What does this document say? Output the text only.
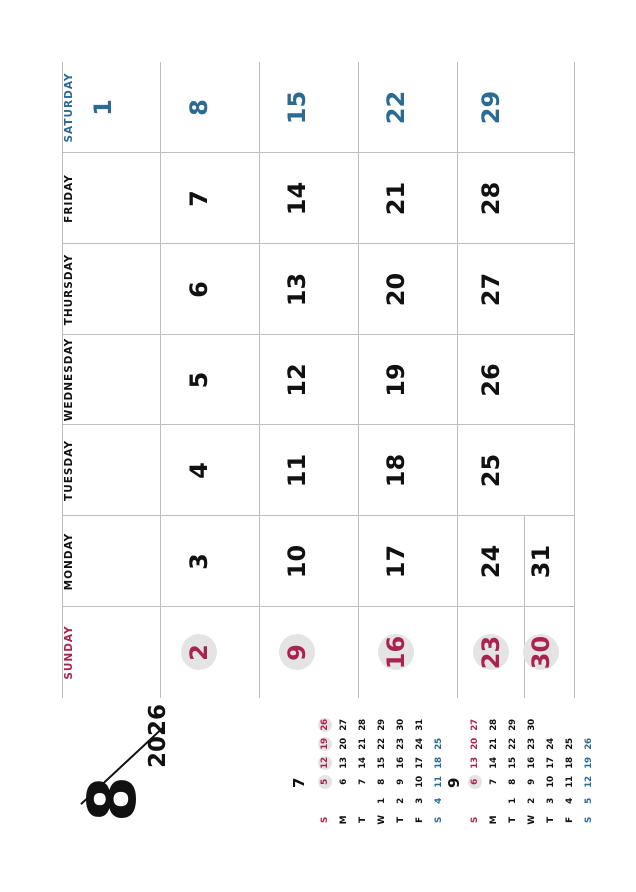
SUNDAY
MONDAY
TUESDAY
WEDNESDAY
THURSDAY
FRIDAY
SATURDAY 1
2
3
4
5
6
7
8
9
10
11
12
13
14
15
16
17
18
19
20
21
22
23
24
25
26
27
28
29
30
31
8
2026
7
S M T W T F S
1 2 3 4
5 6 7 8 9 10 11
12 13 14 15 16 17 18
19 20 21 22 23 24 25
26 27 28 29 30 31
9
S M T W T F S
1 2 3 4 5
6 7 8 9 10 11 12
13 14 15 16 17 18 19
20 21 22 23 24 25 26
27 28 29 30
